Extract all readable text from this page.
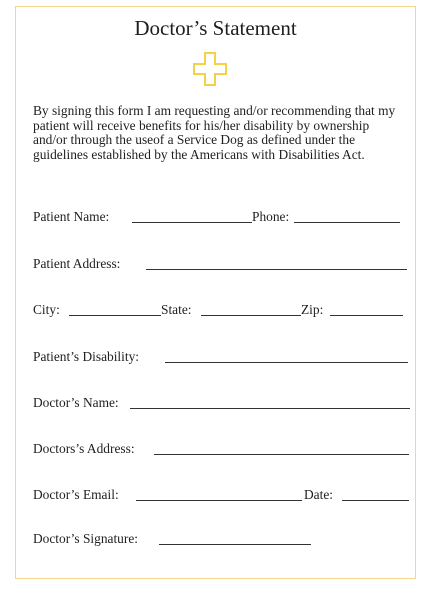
Doctor’s Statement
By signing this form I am requesting and/or recommending that my patient will receive benefits for his/her disability by ownership and/or through the useof a Service Dog as defined under the guidelines established by the Americans with Disabilities Act.
Patient Name:	Phone:
Patient Address:
City:	State:	Zip:
Patient’s Disability:
Doctor’s Name:
Doctors’s Address:
Doctor’s Email:	Date:
Doctor’s Signature:
